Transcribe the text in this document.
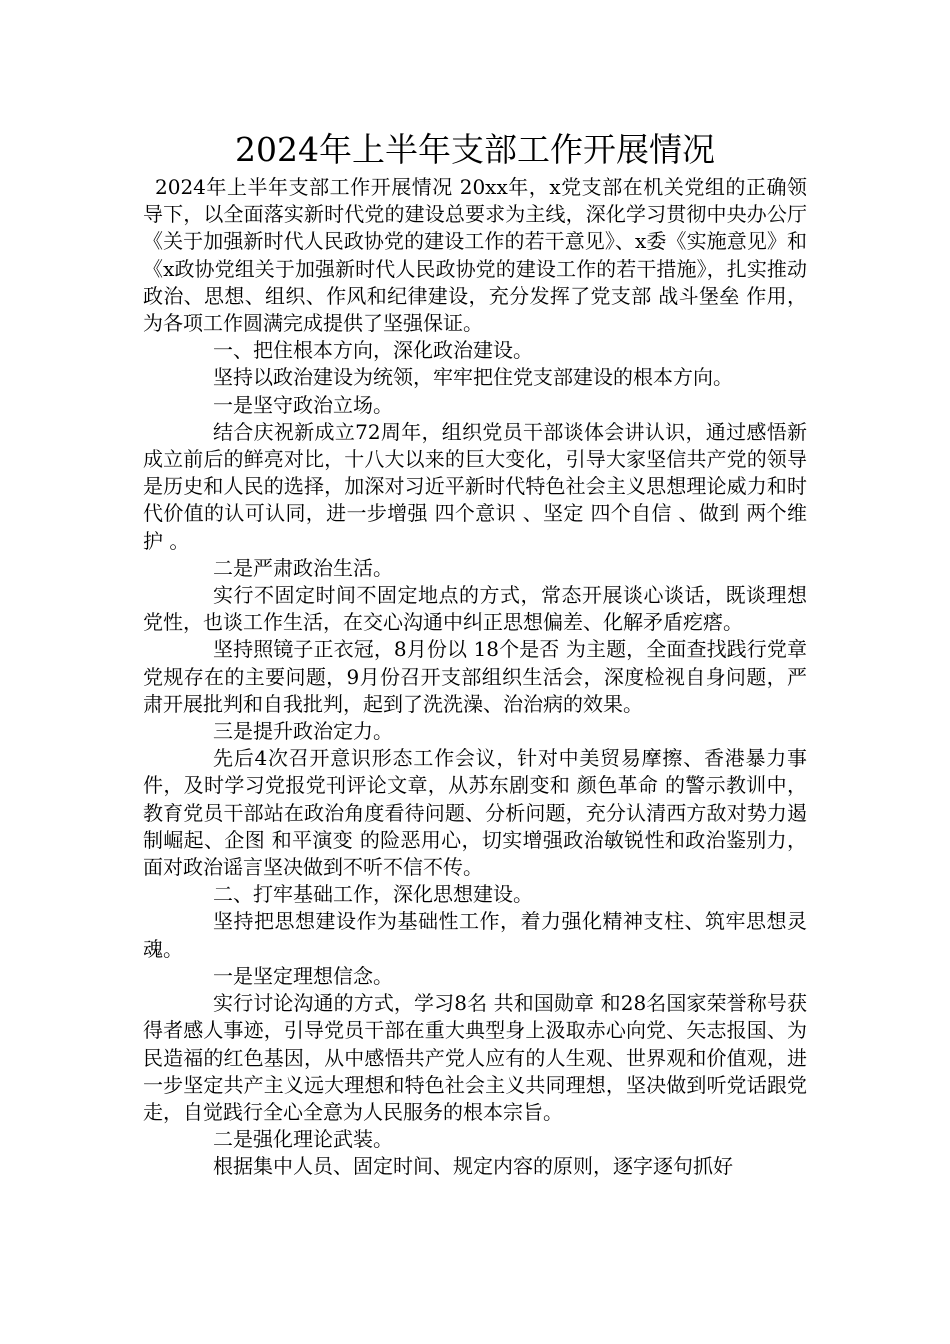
2024年上半年支部工作开展情况

2024年上半年支部工作开展情况 20xx年，x党支部在机关党组的正确领导下，以全面落实新时代党的建设总要求为主线，深化学习贯彻中央办公厅《关于加强新时代人民政协党的建设工作的若干意见》、x委《实施意见》和《x政协党组关于加强新时代人民政协党的建设工作的若干措施》，扎实推动政治、思想、组织、作风和纪律建设，充分发挥了党支部 战斗堡垒 作用，为各项工作圆满完成提供了坚强保证。

一、把住根本方向，深化政治建设。

坚持以政治建设为统领，牢牢把住党支部建设的根本方向。

一是坚守政治立场。

结合庆祝新成立72周年，组织党员干部谈体会讲认识，通过感悟新成立前后的鲜亮对比，十八大以来的巨大变化，引导大家坚信共产党的领导是历史和人民的选择，加深对习近平新时代特色社会主义思想理论威力和时代价值的认可认同，进一步增强 四个意识 、坚定 四个自信 、做到 两个维护 。

二是严肃政治生活。

实行不固定时间不固定地点的方式，常态开展谈心谈话，既谈理想党性，也谈工作生活，在交心沟通中纠正思想偏差、化解矛盾疙瘩。

坚持照镜子正衣冠，8月份以 18个是否 为主题，全面查找践行党章党规存在的主要问题，9月份召开支部组织生活会，深度检视自身问题，严肃开展批判和自我批判，起到了洗洗澡、治治病的效果。

三是提升政治定力。

先后4次召开意识形态工作会议，针对中美贸易摩擦、香港暴力事件，及时学习党报党刊评论文章，从苏东剧变和 颜色革命 的警示教训中，教育党员干部站在政治角度看待问题、分析问题，充分认清西方敌对势力遏制崛起、企图 和平演变 的险恶用心，切实增强政治敏锐性和政治鉴别力，面对政治谣言坚决做到不听不信不传。

二、打牢基础工作，深化思想建设。

坚持把思想建设作为基础性工作，着力强化精神支柱、筑牢思想灵魂。

一是坚定理想信念。

实行讨论沟通的方式，学习8名 共和国勋章 和28名国家荣誉称号获得者感人事迹，引导党员干部在重大典型身上汲取赤心向党、矢志报国、为民造福的红色基因，从中感悟共产党人应有的人生观、世界观和价值观，进一步坚定共产主义远大理想和特色社会主义共同理想，坚决做到听党话跟党走，自觉践行全心全意为人民服务的根本宗旨。

二是强化理论武装。

根据集中人员、固定时间、规定内容的原则，逐字逐句抓好
